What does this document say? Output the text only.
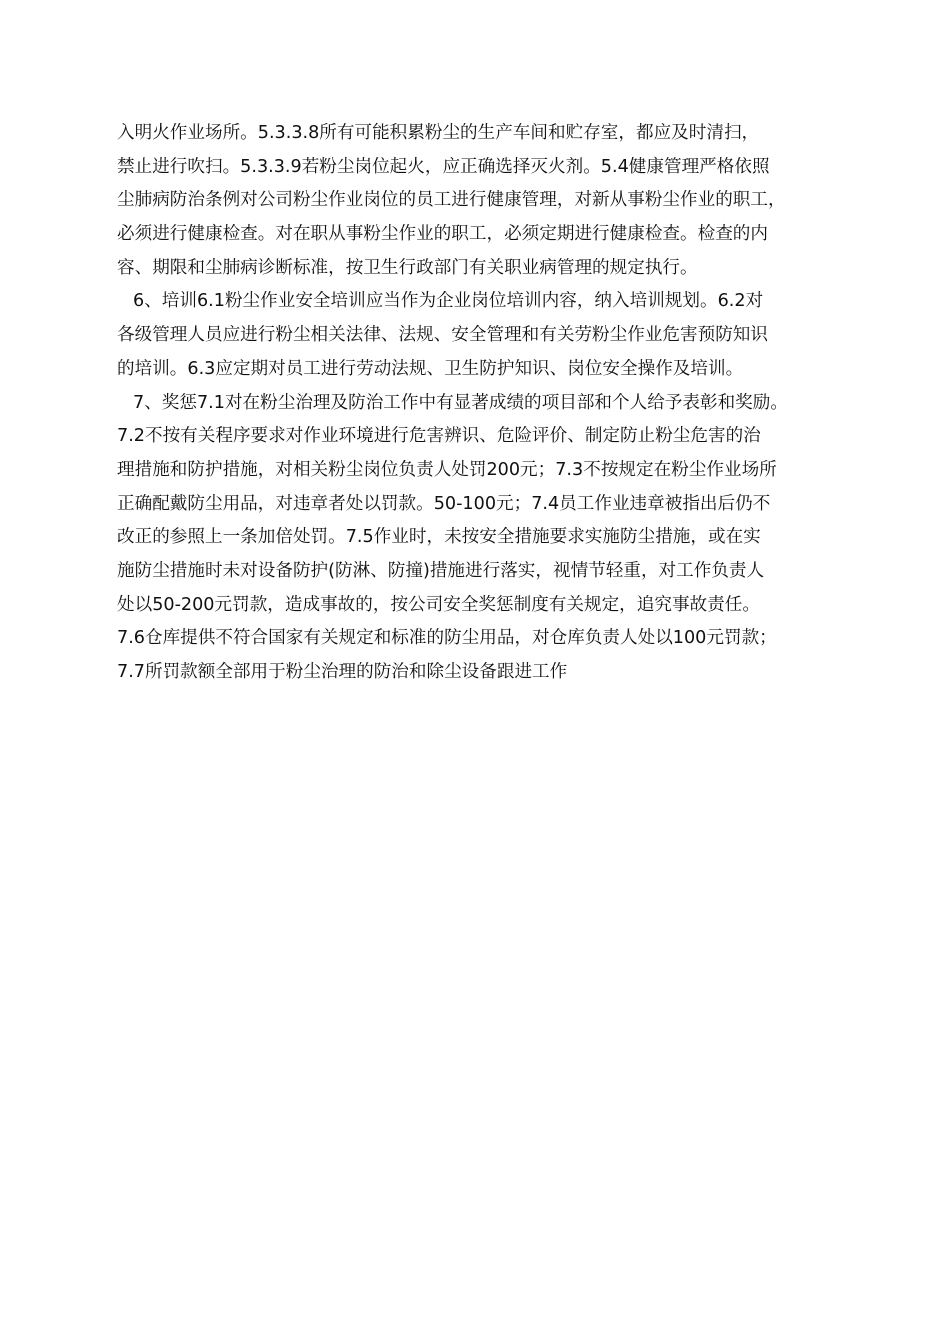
入明火作业场所。5.3.3.8所有可能积累粉尘的生产车间和贮存室，都应及时清扫，
禁止进行吹扫。5.3.3.9若粉尘岗位起火，应正确选择灭火剂。5.4健康管理严格依照
尘肺病防治条例对公司粉尘作业岗位的员工进行健康管理，对新从事粉尘作业的职工，
必须进行健康检查。对在职从事粉尘作业的职工，必须定期进行健康检查。检查的内
容、期限和尘肺病诊断标准，按卫生行政部门有关职业病管理的规定执行。
6、培训6.1粉尘作业安全培训应当作为企业岗位培训内容，纳入培训规划。6.2对
各级管理人员应进行粉尘相关法律、法规、安全管理和有关劳粉尘作业危害预防知识
的培训。6.3应定期对员工进行劳动法规、卫生防护知识、岗位安全操作及培训。
7、奖惩7.1对在粉尘治理及防治工作中有显著成绩的项目部和个人给予表彰和奖励。
7.2不按有关程序要求对作业环境进行危害辨识、危险评价、制定防止粉尘危害的治
理措施和防护措施，对相关粉尘岗位负责人处罚200元；7.3不按规定在粉尘作业场所
正确配戴防尘用品，对违章者处以罚款。50-100元；7.4员工作业违章被指出后仍不
改正的参照上一条加倍处罚。7.5作业时，未按安全措施要求实施防尘措施，或在实
施防尘措施时未对设备防护(防淋、防撞)措施进行落实，视情节轻重，对工作负责人
处以50-200元罚款，造成事故的，按公司安全奖惩制度有关规定，追究事故责任。
7.6仓库提供不符合国家有关规定和标准的防尘用品，对仓库负责人处以100元罚款；
7.7所罚款额全部用于粉尘治理的防治和除尘设备跟进工作
